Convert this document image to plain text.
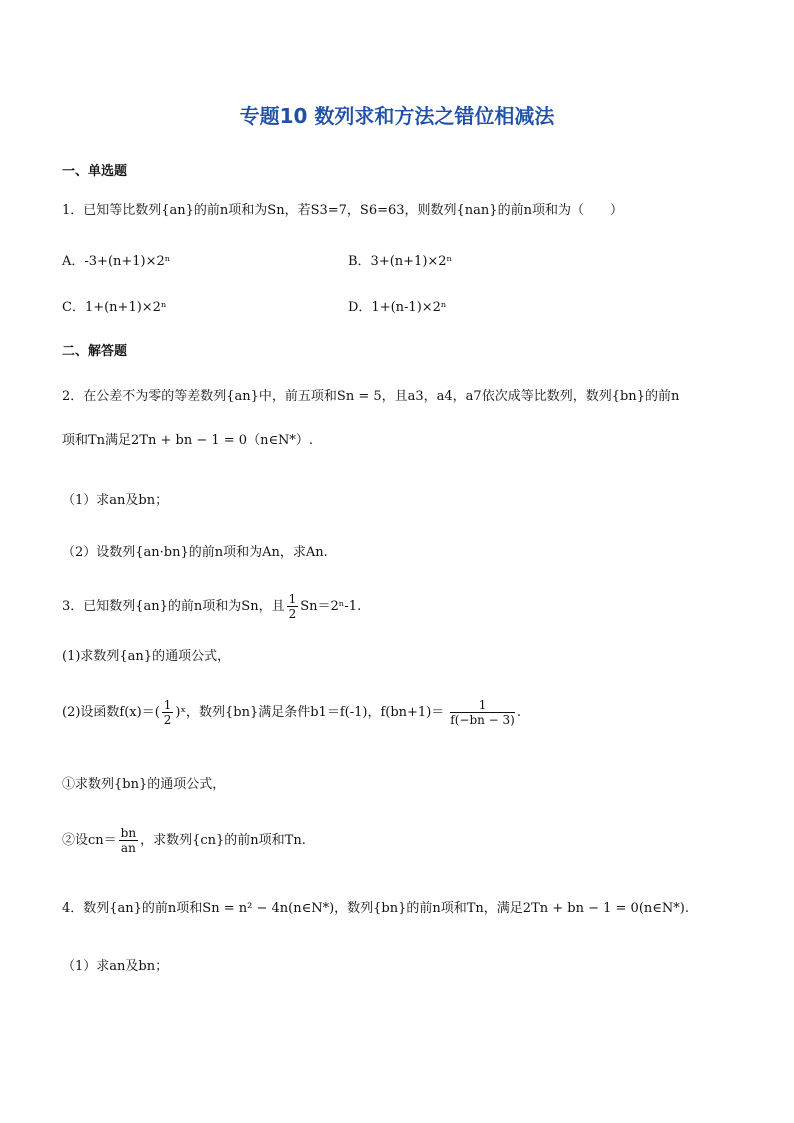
专题10 数列求和方法之错位相减法
一、单选题
1．已知等比数列{an}的前n项和为Sn，若S3=7，S6=63，则数列{nan}的前n项和为（　　）
A．-3+(n+1)×2ⁿ	B．3+(n+1)×2ⁿ
C．1+(n+1)×2ⁿ	D．1+(n-1)×2ⁿ
二、解答题
2．在公差不为零的等差数列{an}中，前五项和Sn = 5，且a3，a4，a7依次成等比数列，数列{bn}的前n
项和Tn满足2Tn + bn − 1 = 0（n∈N*）.
（1）求an及bn；
（2）设数列{an·bn}的前n项和为An，求An.
3．已知数列{an}的前n项和为Sn，且 $\frac{1}{2} Sn=2^n-1$.
(1)求数列{an}的通项公式，
(2)设函数$f(x)=( \frac{1}{2}$ )ˣ，数列{bn}满足条件b1＝f(-1)，$f(bn+1)= \frac{1}{f(-bn - 3)}$ .
①求数列{bn}的通项公式，
②设$cn= \frac{bn}{an}$ ，求数列{cn}的前n项和Tn.
4．数列{an}的前n项和Sn = n² − 4n(n∈N*)，数列{bn}的前n项和Tn，满足2Tn + bn − 1 = 0(n∈N*).
（1）求an及bn；
